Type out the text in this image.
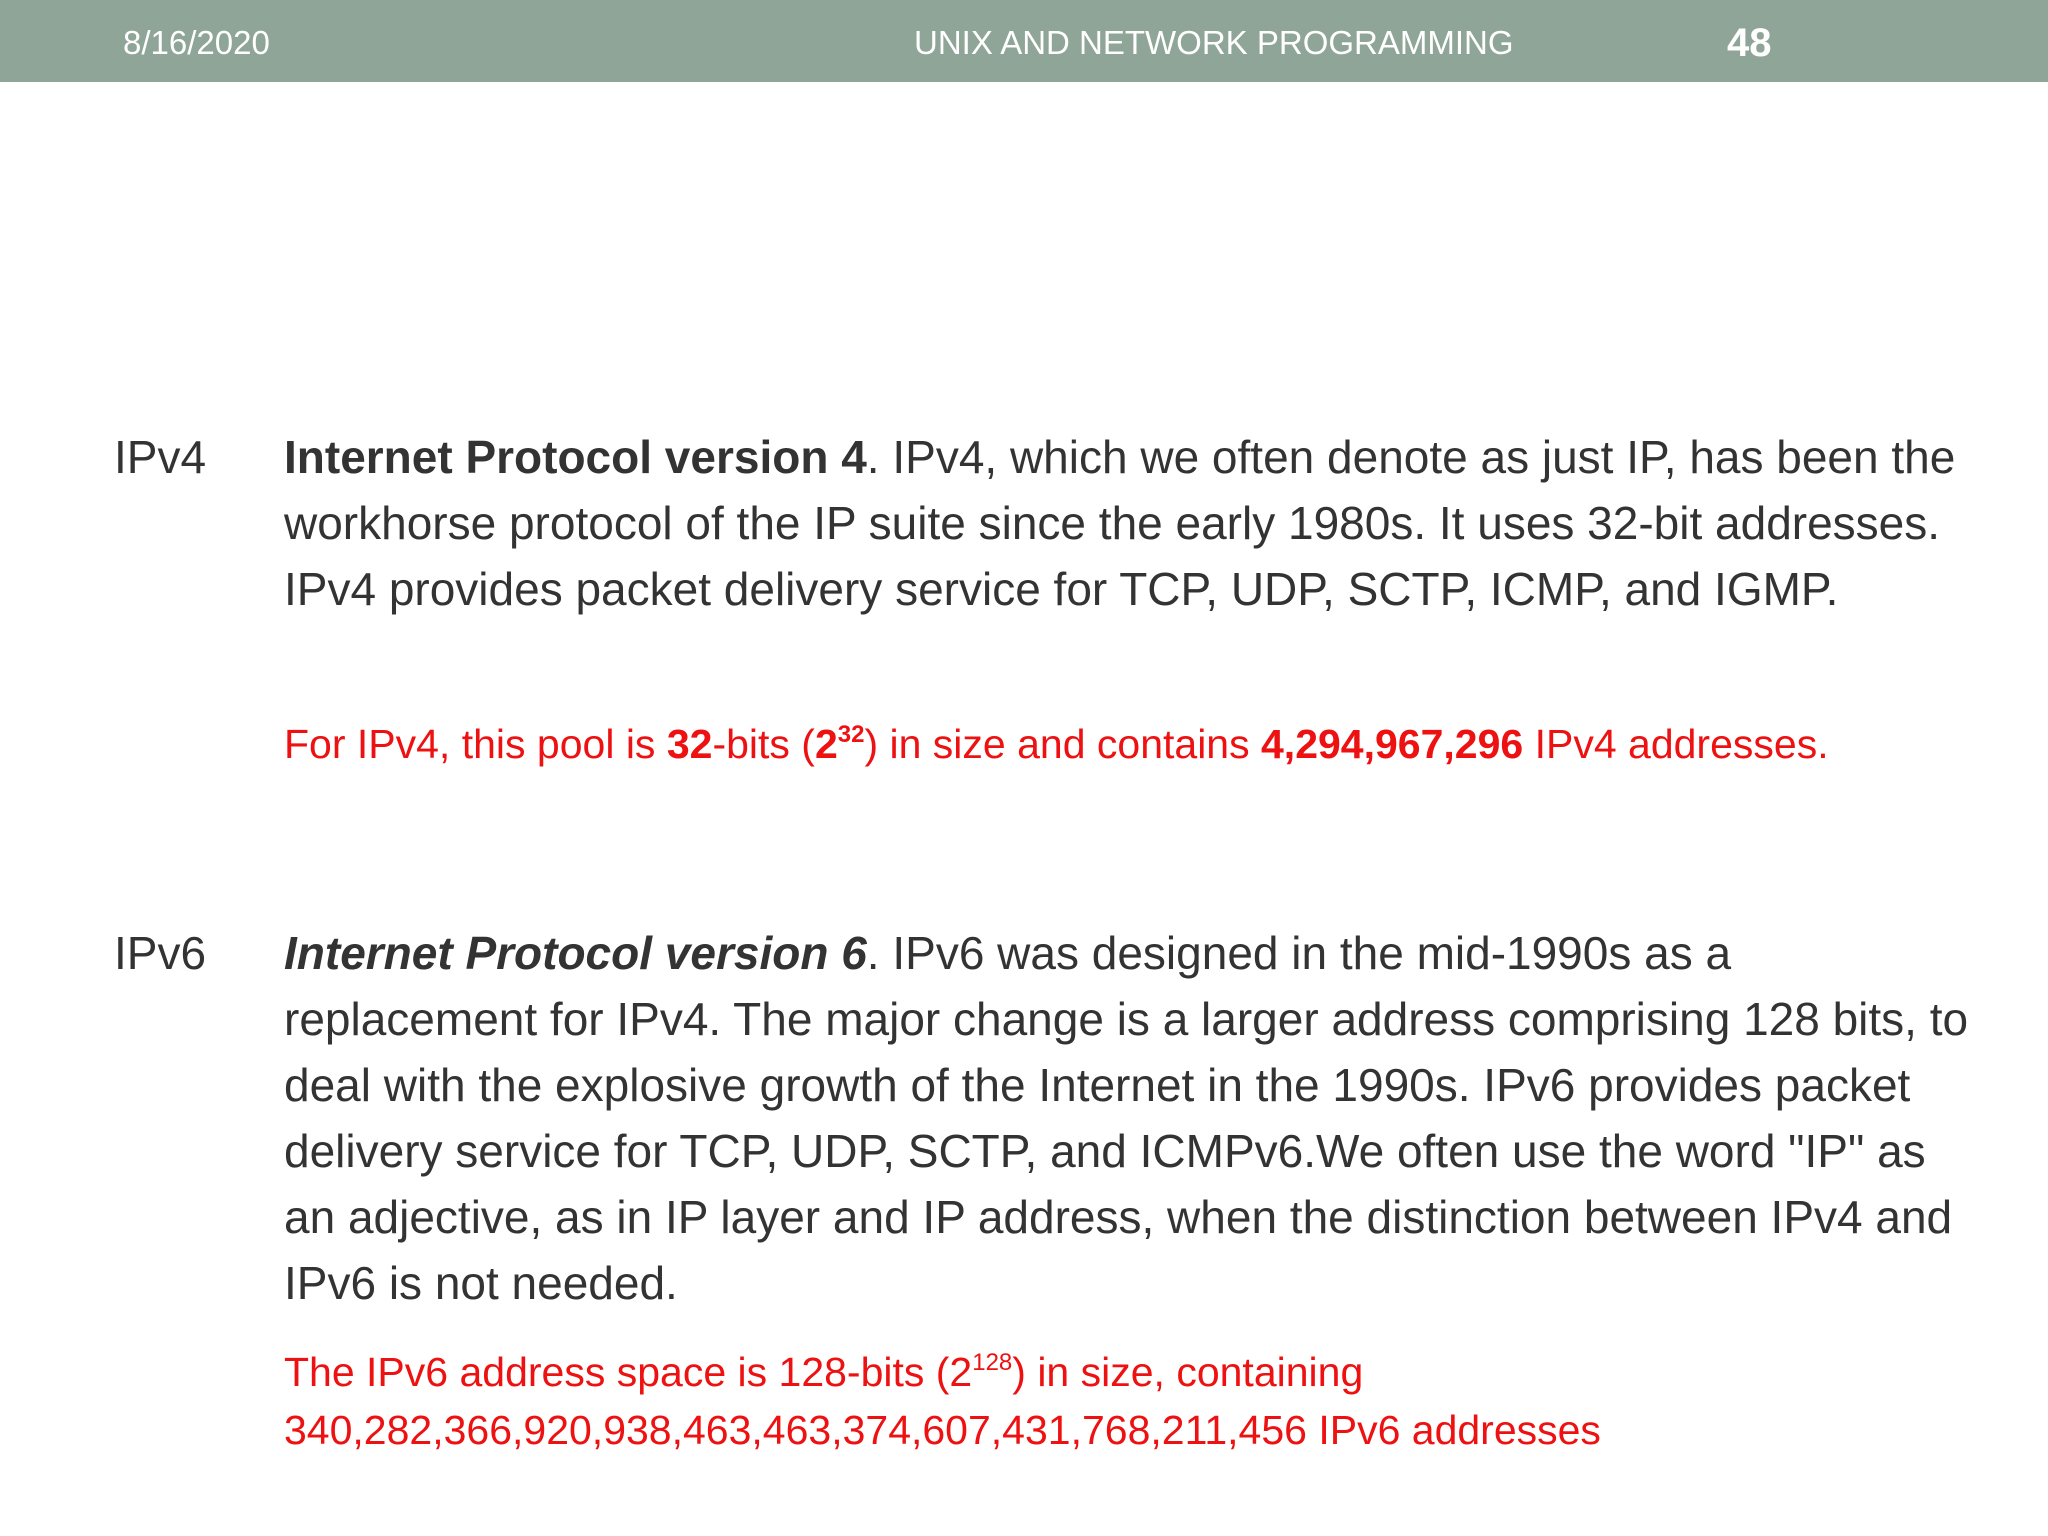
8/16/2020	UNIX AND NETWORK PROGRAMMING	48
IPv4 Internet Protocol version 4. IPv4, which we often denote as just IP, has been the workhorse protocol of the IP suite since the early 1980s. It uses 32-bit addresses. IPv4 provides packet delivery service for TCP, UDP, SCTP, ICMP, and IGMP.
For IPv4, this pool is 32-bits $(2^{32})$ in size and contains 4,294,967,296 IPv4 addresses.
IPv6 Internet Protocol version 6. IPv6 was designed in the mid-1990s as a replacement for IPv4. The major change is a larger address comprising 128 bits, to deal with the explosive growth of the Internet in the 1990s. IPv6 provides packet delivery service for TCP, UDP, SCTP, and ICMPv6.We often use the word "IP" as an adjective, as in IP layer and IP address, when the distinction between IPv4 and IPv6 is not needed.
The IPv6 address space is 128-bits $(2^{128})$ in size, containing 340,282,366,920,938,463,463,374,607,431,768,211,456 IPv6 addresses
